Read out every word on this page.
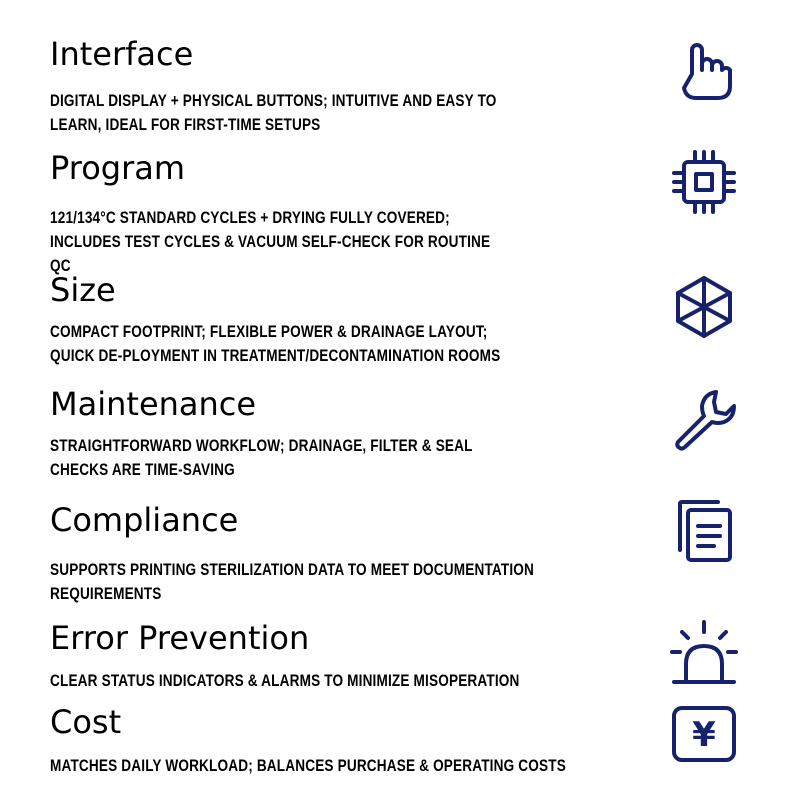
Interface

DIGITAL DISPLAY + PHYSICAL BUTTONS; INTUITIVE AND EASY TO LEARN, IDEAL FOR FIRST-TIME SETUPS

Program

121/134°C STANDARD CYCLES + DRYING FULLY COVERED; INCLUDES TEST CYCLES & VACUUM SELF-CHECK FOR ROUTINE QC

Size

COMPACT FOOTPRINT; FLEXIBLE POWER & DRAINAGE LAYOUT; QUICK DE-PLOYMENT IN TREATMENT/DECONTAMINATION ROOMS

Maintenance

STRAIGHTFORWARD WORKFLOW; DRAINAGE, FILTER & SEAL CHECKS ARE TIME-SAVING

Compliance

SUPPORTS PRINTING STERILIZATION DATA TO MEET DOCUMENTATION REQUIREMENTS

Error Prevention

CLEAR STATUS INDICATORS & ALARMS TO MINIMIZE MISOPERATION

Cost

MATCHES DAILY WORKLOAD; BALANCES PURCHASE & OPERATING COSTS

¥
